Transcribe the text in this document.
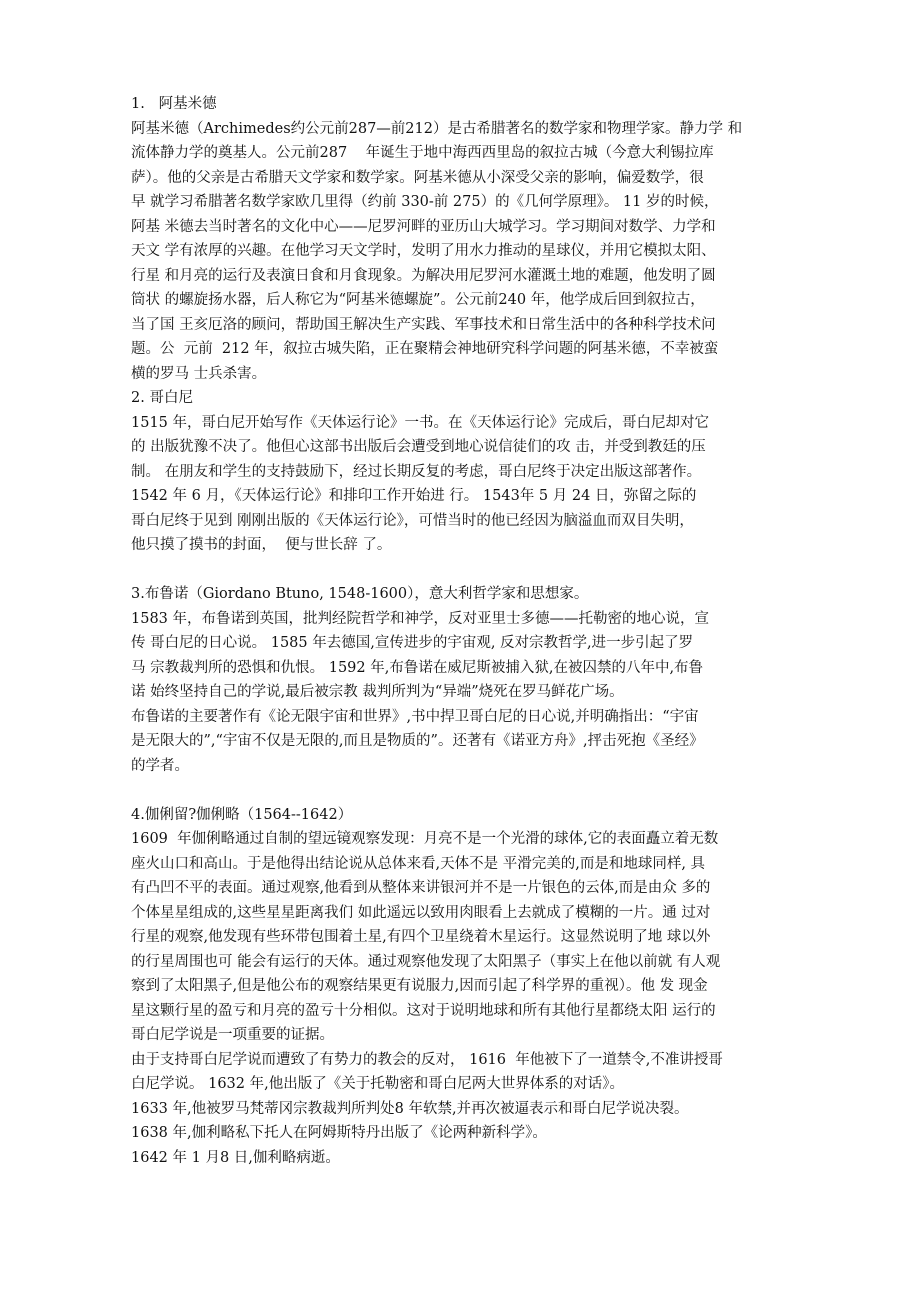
1.   阿基米德
阿基米德（Archimedes约公元前287—前212）是古希腊著名的数学家和物理学家。静力学 和
流体静力学的奠基人。公元前287    年诞生于地中海西西里岛的叙拉古城（今意大利锡拉库
萨）。他的父亲是古希腊天文学家和数学家。阿基米德从小深受父亲的影响，偏爱数学，很
早 就学习希腊著名数学家欧几里得（约前 330-前 275）的《几何学原理》。 11 岁的时候，
阿基 米德去当时著名的文化中心——尼罗河畔的亚历山大城学习。学习期间对数学、力学和
天文 学有浓厚的兴趣。在他学习天文学时，发明了用水力推动的星球仪，并用它模拟太阳、
行星 和月亮的运行及表演日食和月食现象。为解决用尼罗河水灌溉土地的难题，他发明了圆
筒状 的螺旋扬水器，后人称它为“阿基米德螺旋”。公元前240 年，他学成后回到叙拉古，
当了国 王亥厄洛的顾问，帮助国王解决生产实践、军事技术和日常生活中的各种科学技术问
题。公  元前  212 年，叙拉古城失陷，正在聚精会神地研究科学问题的阿基米德，不幸被蛮
横的罗马 士兵杀害。
2. 哥白尼
1515 年，哥白尼开始写作《天体运行论》一书。在《天体运行论》完成后，哥白尼却对它
的 出版犹豫不决了。他但心这部书出版后会遭受到地心说信徒们的攻 击，并受到教廷的压
制。 在朋友和学生的支持鼓励下，经过长期反复的考虑，哥白尼终于决定出版这部著作。
1542 年 6 月，《天体运行论》和排印工作开始进 行。 1543年 5 月 24 日，弥留之际的
哥白尼终于见到 刚刚出版的《天体运行论》，可惜当时的他已经因为脑溢血而双目失明，
他只摸了摸书的封面，  便与世长辞 了。
3.布鲁诺（Giordano Btuno, 1548-1600），意大利哲学家和思想家。
1583 年，布鲁诺到英国，批判经院哲学和神学，反对亚里士多德——托勒密的地心说，宣
传 哥白尼的日心说。 1585 年去德国,宣传进步的宇宙观, 反对宗教哲学,进一步引起了罗
马 宗教裁判所的恐惧和仇恨。 1592 年,布鲁诺在威尼斯被捕入狱,在被囚禁的八年中,布鲁
诺 始终坚持自己的学说,最后被宗教 裁判所判为“异端”烧死在罗马鲜花广场。
布鲁诺的主要著作有《论无限宇宙和世界》,书中捍卫哥白尼的日心说,并明确指出：“宇宙
是无限大的”,“宇宙不仅是无限的,而且是物质的”。还著有《诺亚方舟》,抨击死抱《圣经》
的学者。
4.伽俐留?伽俐略（1564--1642）
1609  年伽俐略通过自制的望远镜观察发现：月亮不是一个光滑的球体,它的表面矗立着无数
座火山口和高山。于是他得出结论说从总体来看,天体不是 平滑完美的,而是和地球同样, 具
有凸凹不平的表面。通过观察,他看到从整体来讲银河并不是一片银色的云体,而是由众 多的
个体星星组成的,这些星星距离我们 如此遥远以致用肉眼看上去就成了模糊的一片。通 过对
行星的观察,他发现有些环带包围着土星,有四个卫星绕着木星运行。这显然说明了地 球以外
的行星周围也可 能会有运行的天体。通过观察他发现了太阳黑子（事实上在他以前就 有人观
察到了太阳黑子,但是他公布的观察结果更有说服力,因而引起了科学界的重视）。他 发 现金
星这颗行星的盈亏和月亮的盈亏十分相似。这对于说明地球和所有其他行星都绕太阳 运行的
哥白尼学说是一项重要的证据。
由于支持哥白尼学说而遭致了有势力的教会的反对， 1616  年他被下了一道禁令,不准讲授哥
白尼学说。 1632 年,他出版了《关于托勒密和哥白尼两大世界体系的对话》。
1633 年,他被罗马梵蒂冈宗教裁判所判处8 年软禁,并再次被逼表示和哥白尼学说决裂。
1638 年,伽利略私下托人在阿姆斯特丹出版了《论两种新科学》。
1642 年 1 月8 日,伽利略病逝。
